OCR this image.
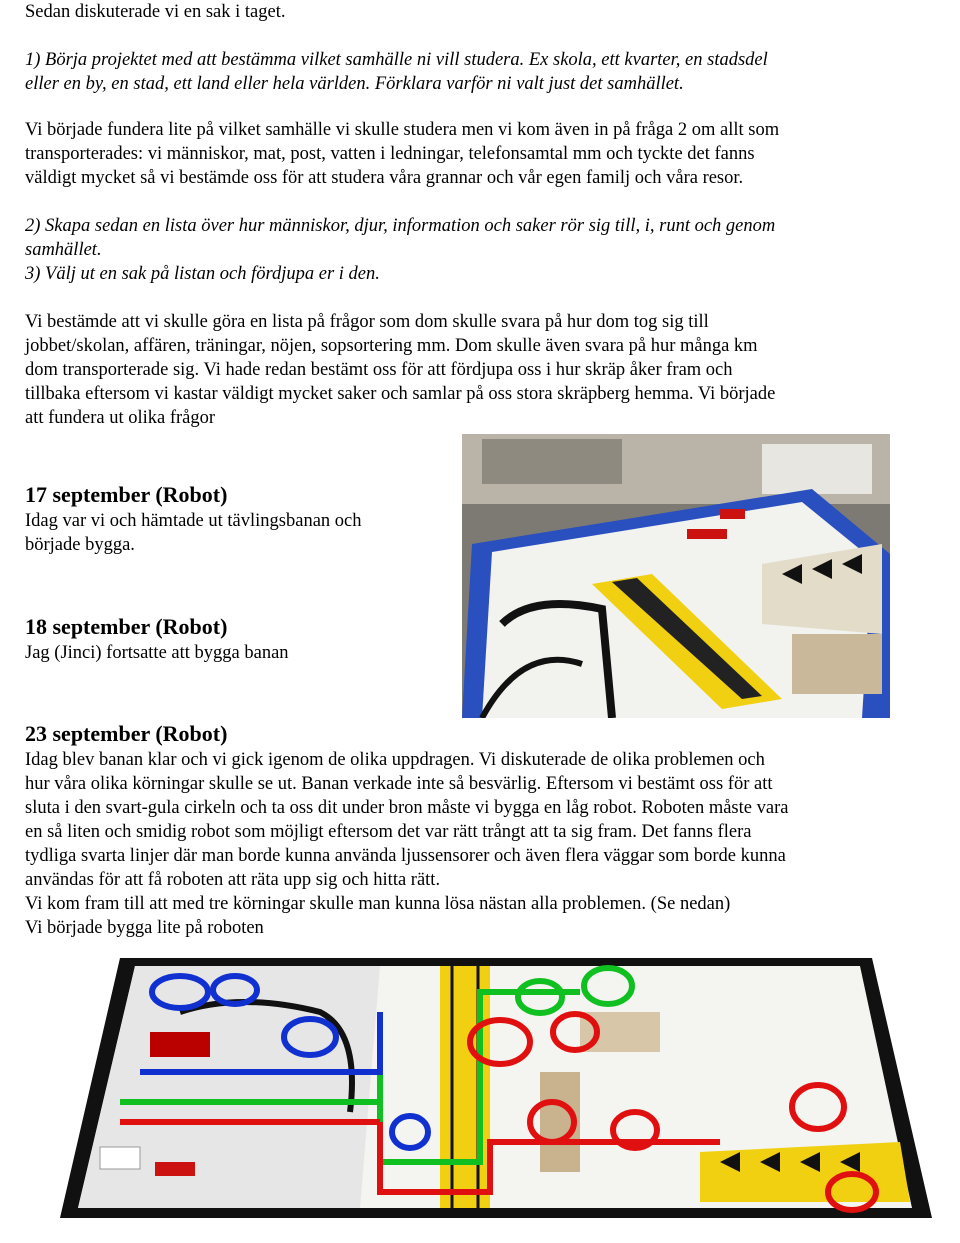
Sedan diskuterade vi en sak i taget.

1) Börja projektet med att bestämma vilket samhälle ni vill studera. Ex skola, ett kvarter, en stadsdel

eller en by, en stad, ett land eller hela världen. Förklara varför ni valt just det samhället.

Vi började fundera lite på vilket samhälle vi skulle studera men vi kom även in på fråga 2 om allt som

transporterades: vi människor, mat, post, vatten i ledningar, telefonsamtal mm och tyckte det fanns

väldigt mycket så vi bestämde oss för att studera våra grannar och vår egen familj och våra resor.

2) Skapa sedan en lista över hur människor, djur, information och saker rör sig till, i, runt och genom

samhället.

3) Välj ut en sak på listan och fördjupa er i den.

Vi bestämde att vi skulle göra en lista på frågor som dom skulle svara på hur dom tog sig till

jobbet/skolan, affären, träningar, nöjen, sopsortering mm. Dom skulle även svara på hur många km

dom transporterade sig. Vi hade redan bestämt oss för att fördjupa oss i hur skräp åker fram och

tillbaka eftersom vi kastar väldigt mycket saker och samlar på oss stora skräpberg hemma. Vi började

att fundera ut olika frågor

17 september (Robot)

Idag var vi och hämtade ut tävlingsbanan och

började bygga.

18 september (Robot)

Jag (Jinci) fortsatte att bygga banan

23 september (Robot)

Idag blev banan klar och vi gick igenom de olika uppdragen. Vi diskuterade de olika problemen och

hur våra olika körningar skulle se ut. Banan verkade inte så besvärlig. Eftersom vi bestämt oss för att

sluta i den svart-gula cirkeln och ta oss dit under bron måste vi bygga en låg robot. Roboten måste vara

en så liten och smidig robot som möjligt eftersom det var rätt trångt att ta sig fram. Det fanns flera

tydliga svarta linjer där man borde kunna använda ljussensorer och även flera väggar som borde kunna

användas för att få roboten att räta upp sig och hitta rätt.

Vi kom fram till att med tre körningar skulle man kunna lösa nästan alla problemen. (Se nedan)

Vi började bygga lite på roboten
